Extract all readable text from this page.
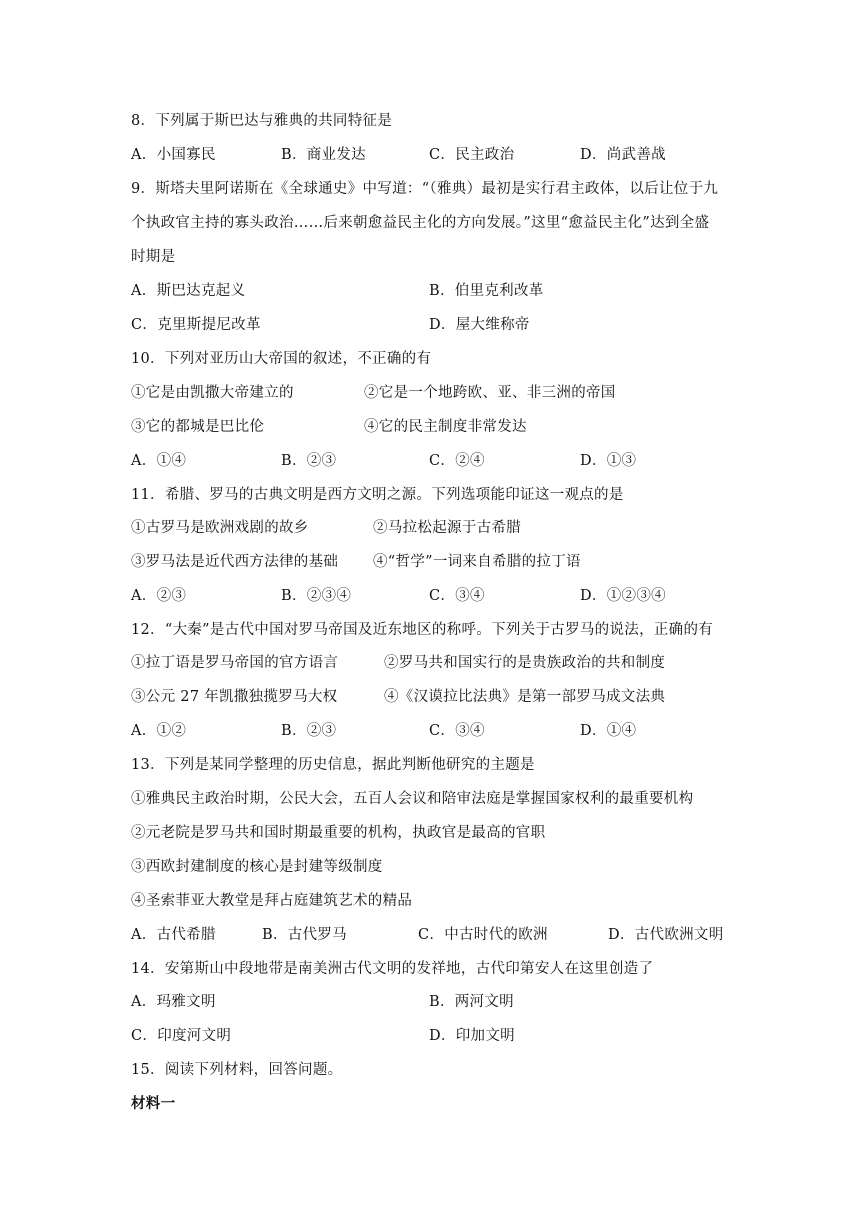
8．下列属于斯巴达与雅典的共同特征是
A．小国寡民	B．商业发达	C．民主政治	D．尚武善战
9．斯塔夫里阿诺斯在《全球通史》中写道：“（雅典）最初是实行君主政体，以后让位于九
个执政官主持的寡头政治……后来朝愈益民主化的方向发展。”这里“愈益民主化”达到全盛
时期是
A．斯巴达克起义	B．伯里克利改革
C．克里斯提尼改革	D．屋大维称帝
10．下列对亚历山大帝国的叙述，不正确的有
①它是由凯撒大帝建立的	②它是一个地跨欧、亚、非三洲的帝国
③它的都城是巴比伦	④它的民主制度非常发达
A．①④	B．②③	C．②④	D．①③
11．希腊、罗马的古典文明是西方文明之源。下列选项能印证这一观点的是
①古罗马是欧洲戏剧的故乡	②马拉松起源于古希腊
③罗马法是近代西方法律的基础 ④“哲学”一词来自希腊的拉丁语
A．②③	B．②③④	C．③④	D．①②③④
12．“大秦”是古代中国对罗马帝国及近东地区的称呼。下列关于古罗马的说法，正确的有
①拉丁语是罗马帝国的官方语言	②罗马共和国实行的是贵族政治的共和制度
③公元 27 年凯撒独揽罗马大权	④《汉谟拉比法典》是第一部罗马成文法典
A．①②	B．②③	C．③④	D．①④
13．下列是某同学整理的历史信息，据此判断他研究的主题是
①雅典民主政治时期，公民大会，五百人会议和陪审法庭是掌握国家权利的最重要机构
②元老院是罗马共和国时期最重要的机构，执政官是最高的官职
③西欧封建制度的核心是封建等级制度
④圣索菲亚大教堂是拜占庭建筑艺术的精品
A．古代希腊	B．古代罗马	C．中古时代的欧洲	D．古代欧洲文明
14．安第斯山中段地带是南美洲古代文明的发祥地，古代印第安人在这里创造了
A．玛雅文明	B．两河文明
C．印度河文明	D．印加文明
15．阅读下列材料，回答问题。
材料一
